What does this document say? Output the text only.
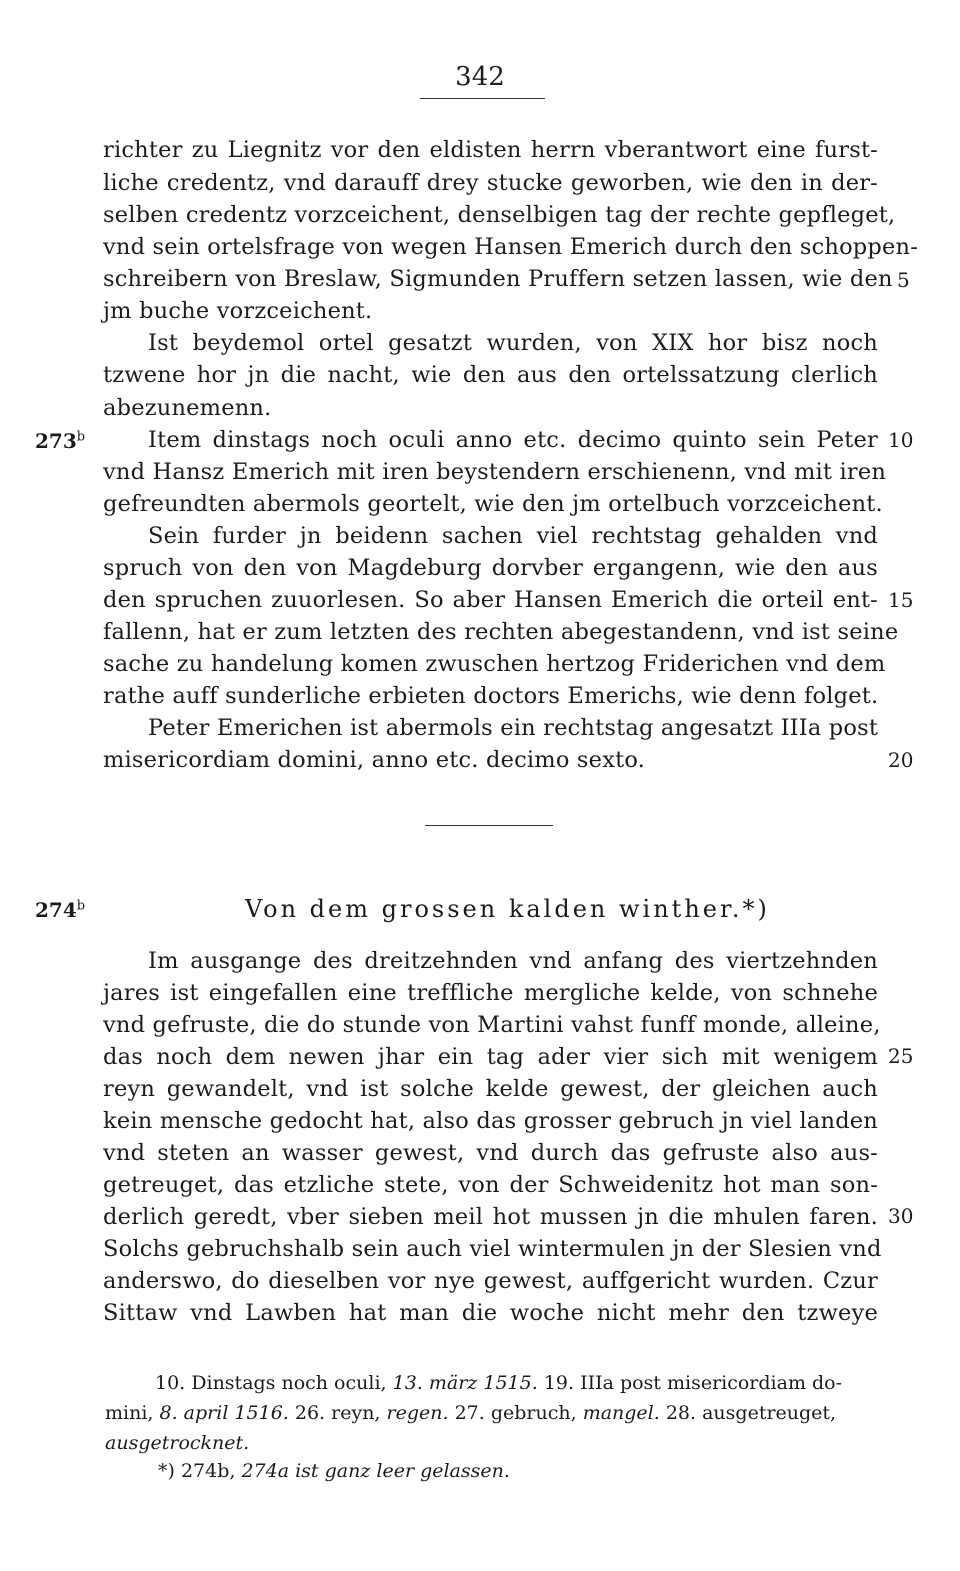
342
richter zu Liegnitz vor den eldisten herrn vberantwort eine furst-
liche credentz, vnd darauff drey stucke geworben, wie den in der-
selben credentz vorzceichent, denselbigen tag der rechte gepfleget,
vnd sein ortelsfrage von wegen Hansen Emerich durch den schoppen-
schreibern von Breslaw, Sigmunden Pruffern setzen lassen, wie den
jm buche vorzceichent.
Ist beydemol ortel gesatzt wurden, von XIX hor bisz noch
tzwene hor jn die nacht, wie den aus den ortelssatzung clerlich
abezunemenn.
Item dinstags noch oculi anno etc. decimo quinto sein Peter
vnd Hansz Emerich mit iren beystendern erschienenn, vnd mit iren
gefreundten abermols geortelt, wie den jm ortelbuch vorzceichent.
Sein furder jn beidenn sachen viel rechtstag gehalden vnd
spruch von den von Magdeburg dorvber ergangenn, wie den aus
den spruchen zuuorlesen. So aber Hansen Emerich die orteil ent-
fallenn, hat er zum letzten des rechten abegestandenn, vnd ist seine
sache zu handelung komen zwuschen hertzog Friderichen vnd dem
rathe auff sunderliche erbieten doctors Emerichs, wie denn folget.
Peter Emerichen ist abermols ein rechtstag angesatzt IIIa post
misericordiam domini, anno etc. decimo sexto.
5
10
15
20
25
30
273$^b$
274$^b$	Von dem grossen kalden winther.*)
Im ausgange des dreitzehnden vnd anfang des viertzehnden
jares ist eingefallen eine treffliche mergliche kelde, von schnehe
vnd gefruste, die do stunde von Martini vahst funff monde, alleine,
das noch dem newen jhar ein tag ader vier sich mit wenigem
reyn gewandelt, vnd ist solche kelde gewest, der gleichen auch
kein mensche gedocht hat, also das grosser gebruch jn viel landen
vnd steten an wasser gewest, vnd durch das gefruste also aus-
getreuget, das etzliche stete, von der Schweidenitz hot man son-
derlich geredt, vber sieben meil hot mussen jn die mhulen faren.
Solchs gebruchshalb sein auch viel wintermulen jn der Slesien vnd
anderswo, do dieselben vor nye gewest, auffgericht wurden. Czur
Sittaw vnd Lawben hat man die woche nicht mehr den tzweye
10. Dinstags noch oculi, 13. märz 1515. 19. IIIa post misericordiam do-
mini, 8. april 1516. 26. reyn, regen. 27. gebruch, mangel. 28. ausgetreuget,
ausgetrocknet.
*) 274b, 274a ist ganz leer gelassen.
